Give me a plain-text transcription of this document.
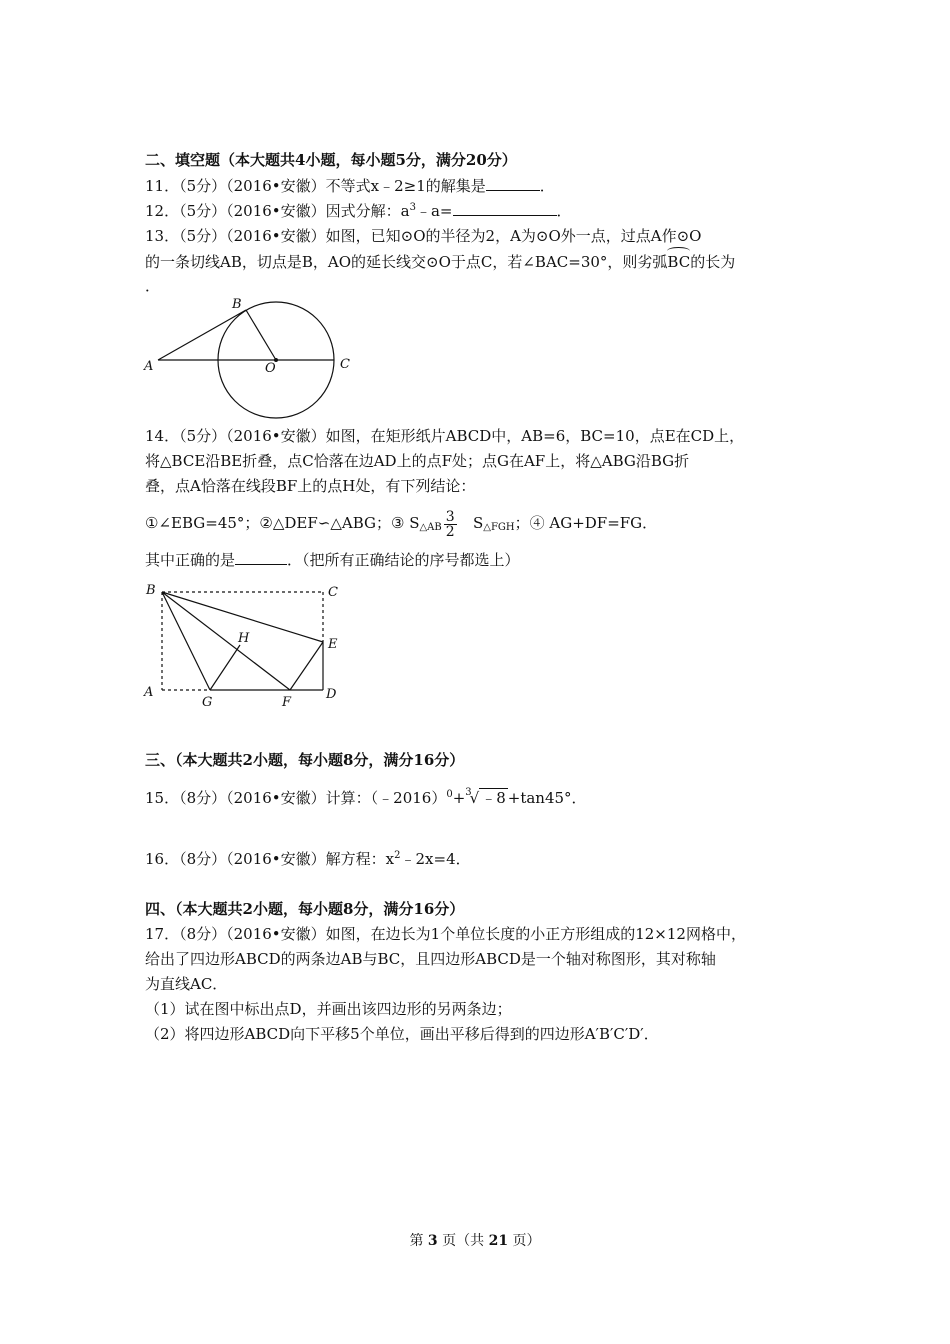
二、填空题（本大题共4小题，每小题5分，满分20分）
11．（5分）（2016•安徽）不等式x﹣2≥1的解集是	．
12．（5分）（2016•安徽）因式分解：$a^3﹣a=$	．
13．（5分）（2016•安徽）如图，已知⊙O的半径为2，A为⊙O外一点，过点A作⊙O
的一条切线AB，切点是B，AO的延长线交⊙O于点C，若∠BAC=30°，则劣弧BC的长为
．
A
B
O	C
14．（5分）（2016•安徽）如图，在矩形纸片ABCD中，AB=6，BC=10，点E在CD上，
将△BCE沿BE折叠，点C恰落在边AD上的点F处；点G在AF上，将△ABG沿BG折
叠，点A恰落在线段BF上的点H处，有下列结论：
①∠EBG=45°；②△DEF∽△ABG；③ $S_{\triangle AB} \frac{3}{2} S_{\triangle FGH}$；④ AG+DF=FG．
其中正确的是	．（把所有正确结论的序号都选上）
B	C
H	E
A
G	F
D
三、（本大题共2小题，每小题8分，满分16分）
15．（8分）（2016•安徽）计算：（﹣2016）$^0$+$^3$√ ﹣8 +tan45°．
16．（8分）（2016•安徽）解方程：$x^2﹣2x=4$．
四、（本大题共2小题，每小题8分，满分16分）
17．（8分）（2016•安徽）如图，在边长为1个单位长度的小正方形组成的12×12网格中，
给出了四边形ABCD的两条边AB与BC，且四边形ABCD是一个轴对称图形，其对称轴
为直线AC．
（1）试在图中标出点D，并画出该四边形的另两条边；
（2）将四边形ABCD向下平移5个单位，画出平移后得到的四边形A′B′C′D′．
第 3 页（共 21 页）
